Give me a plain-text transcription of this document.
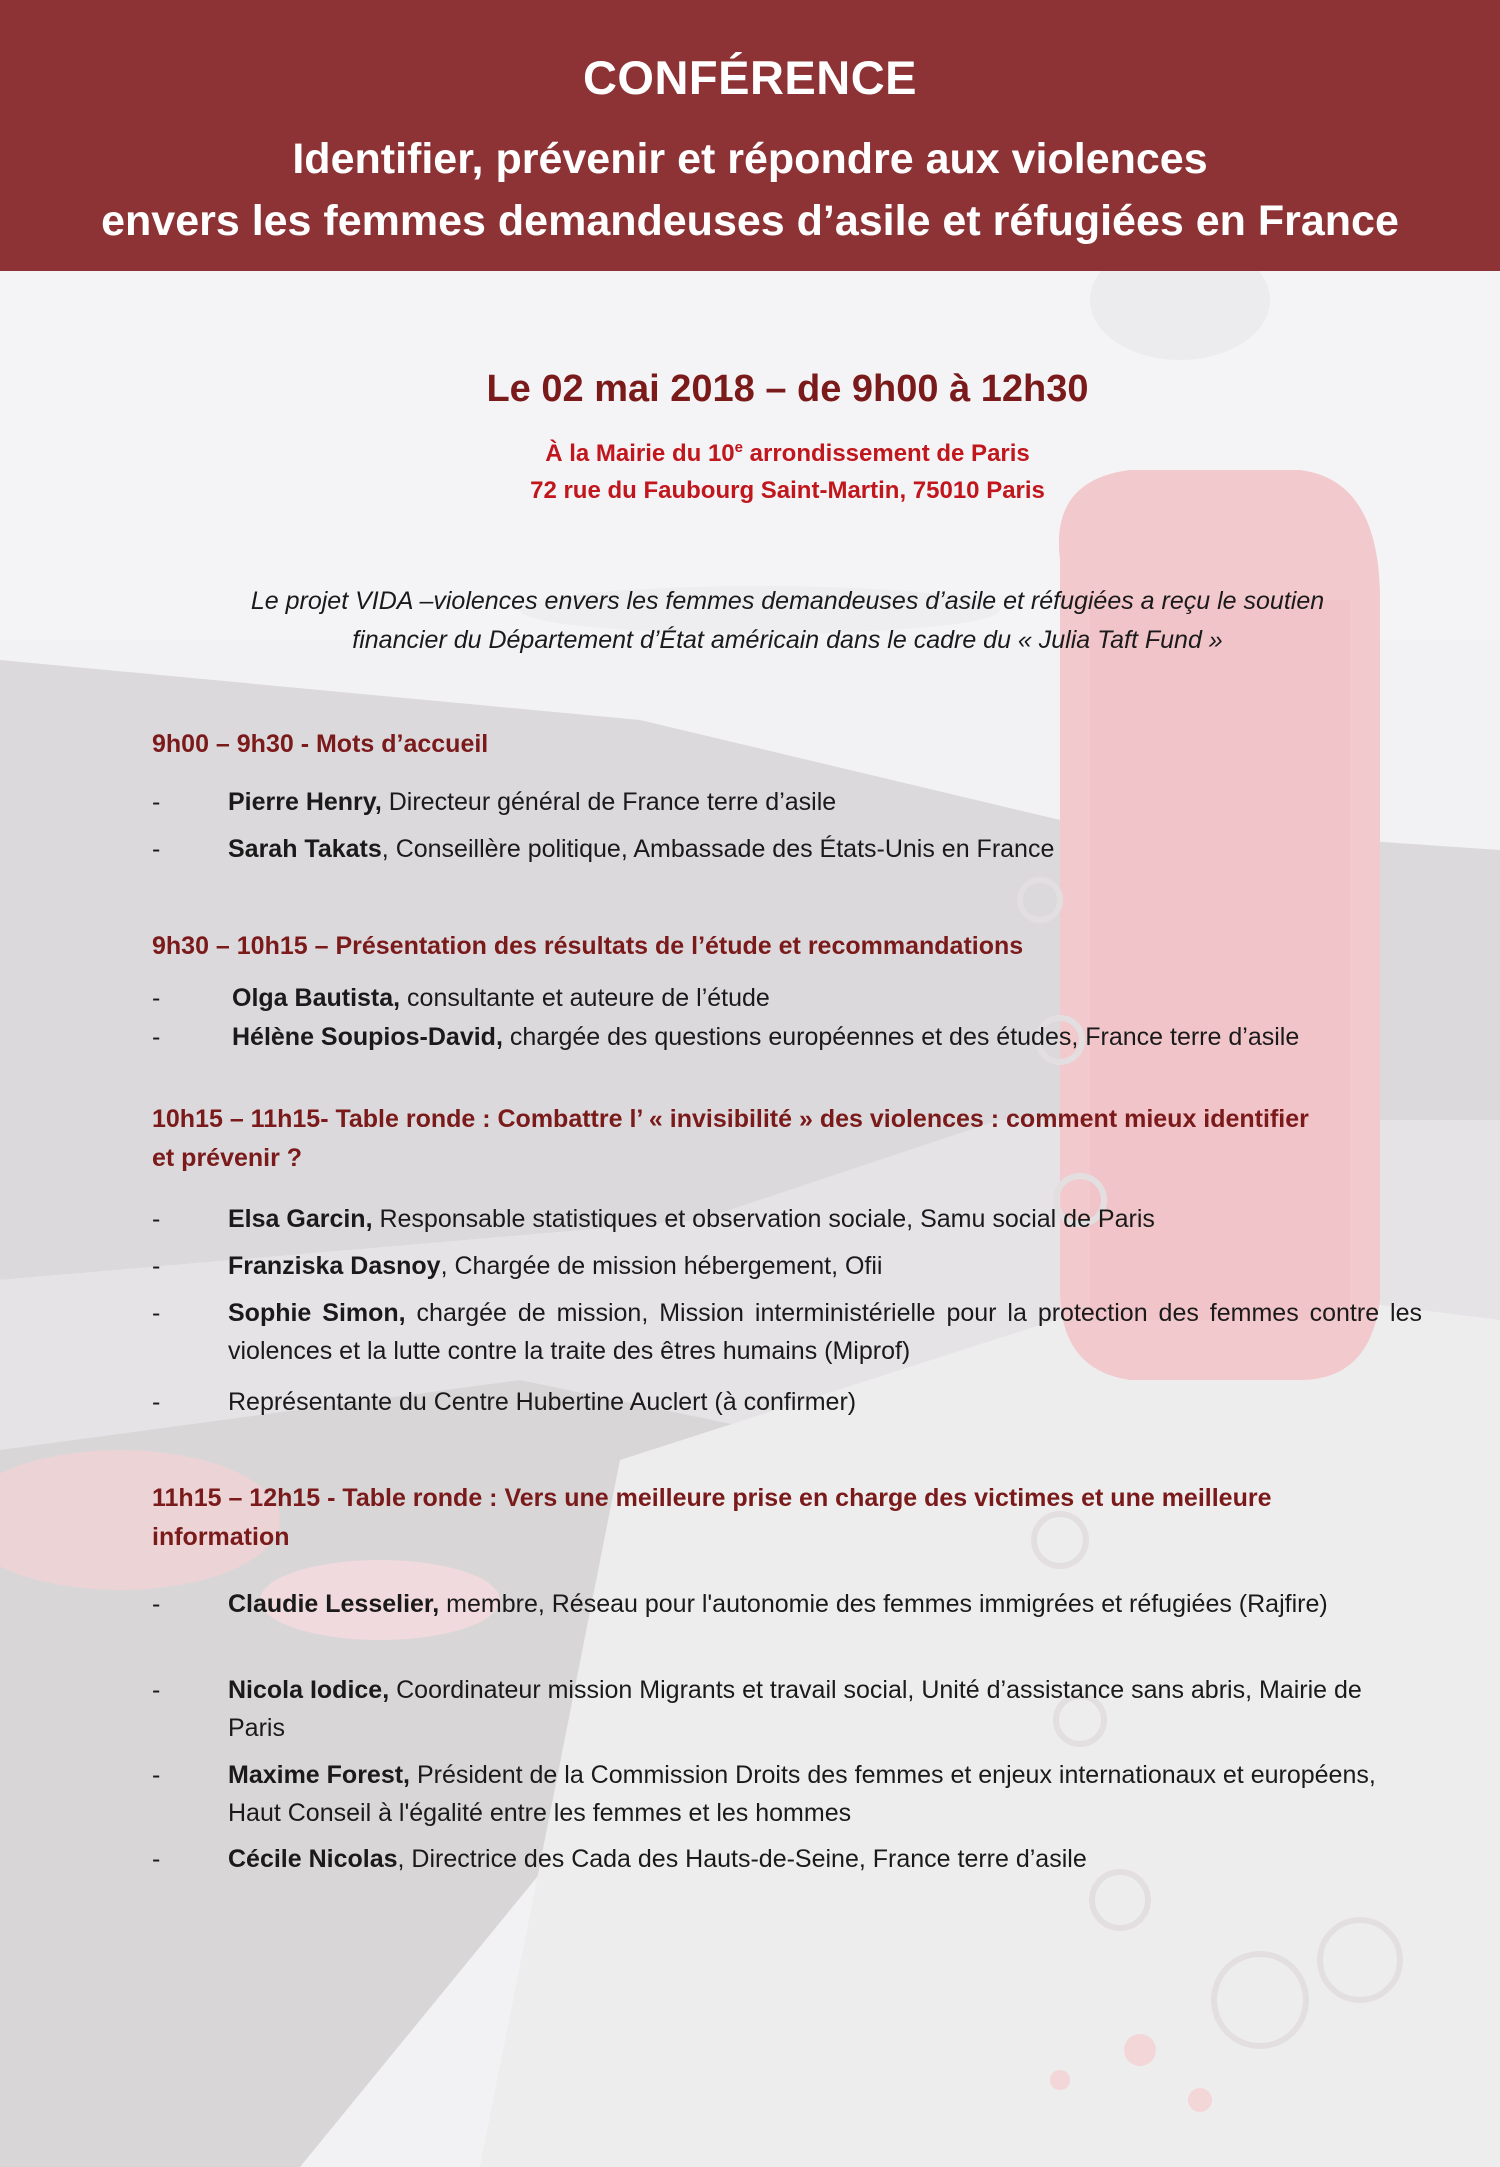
CONFÉRENCE
Identifier, prévenir et répondre aux violences
envers les femmes demandeuses d’asile et réfugiées en France
Le 02 mai 2018 – de 9h00 à 12h30
À la Mairie du 10e arrondissement de Paris
72 rue du Faubourg Saint-Martin, 75010 Paris
Le projet VIDA –violences envers les femmes demandeuses d’asile et réfugiées a reçu le soutien
financier du Département d’État américain dans le cadre du « Julia Taft Fund »
9h00 – 9h30 - Mots d’accueil
-	Pierre Henry, Directeur général de France terre d’asile
-	Sarah Takats, Conseillère politique, Ambassade des États-Unis en France
9h30 – 10h15 – Présentation des résultats de l’étude et recommandations
-	Olga Bautista, consultante et auteure de l’étude
-	Hélène Soupios-David, chargée des questions européennes et des études, France terre d’asile
10h15 – 11h15- Table ronde : Combattre l’ « invisibilité » des violences : comment mieux identifier
et prévenir ?
-	Elsa Garcin, Responsable statistiques et observation sociale, Samu social de Paris
-	Franziska Dasnoy, Chargée de mission hébergement, Ofii
-	Sophie Simon, chargée de mission, Mission interministérielle pour la protection des femmes contre les violences et la lutte contre la traite des êtres humains (Miprof)
-	Représentante du Centre Hubertine Auclert (à confirmer)
11h15 – 12h15 - Table ronde : Vers une meilleure prise en charge des victimes et une meilleure
information
-	Claudie Lesselier, membre, Réseau pour l'autonomie des femmes immigrées et réfugiées (Rajfire)
-	Nicola Iodice, Coordinateur mission Migrants et travail social, Unité d’assistance sans abris, Mairie de Paris
-	Maxime Forest, Président de la Commission Droits des femmes et enjeux internationaux et européens, Haut Conseil à l'égalité entre les femmes et les hommes
-	Cécile Nicolas, Directrice des Cada des Hauts-de-Seine, France terre d’asile
